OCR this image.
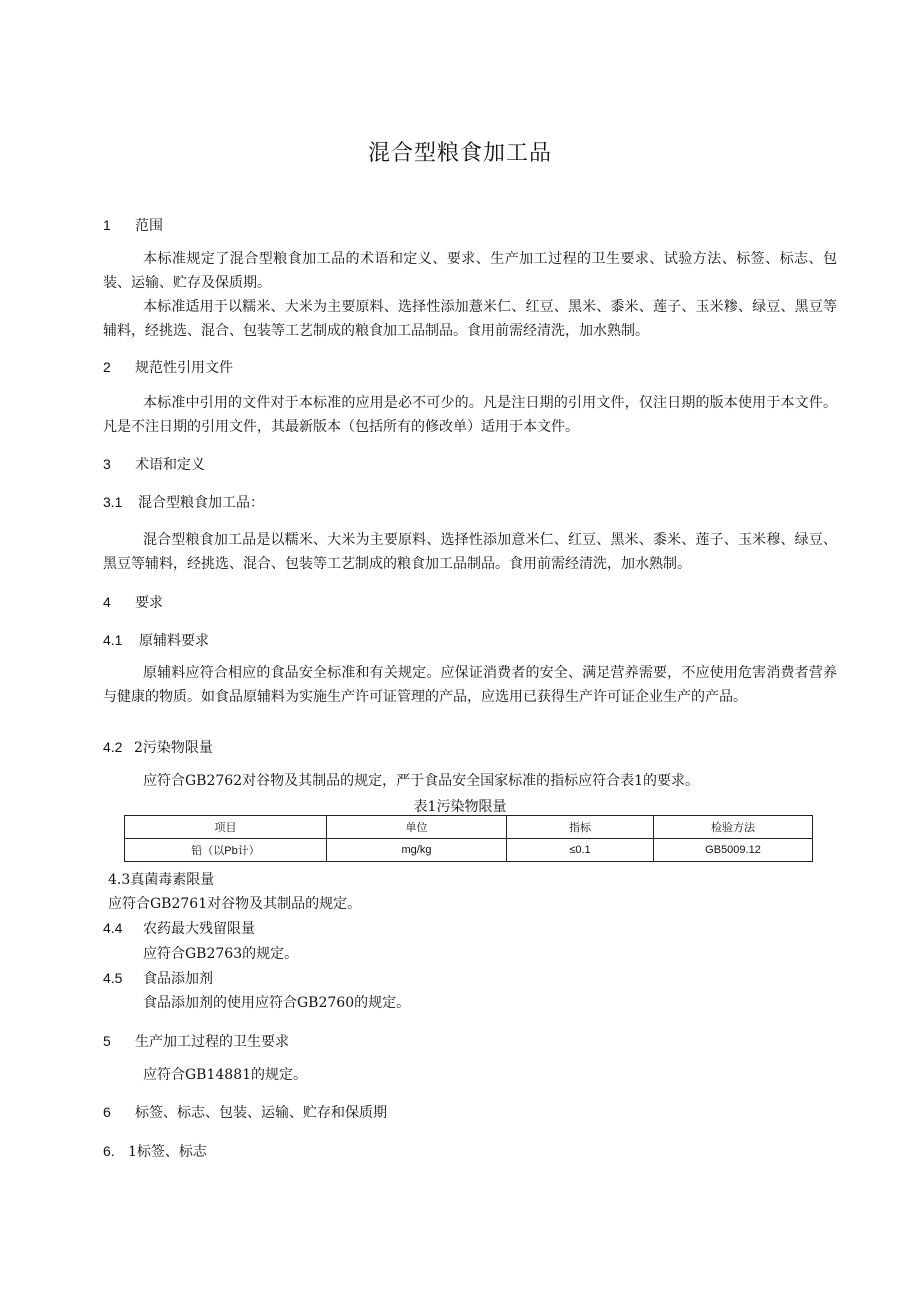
混合型粮食加工品
1 范围
本标准规定了混合型粮食加工品的术语和定义、要求、生产加工过程的卫生要求、试验方法、标签、标志、包装、运输、贮存及保质期。
本标准适用于以糯米、大米为主要原料、选择性添加薏米仁、红豆、黑米、黍米、莲子、玉米糁、绿豆、黑豆等辅料，经挑选、混合、包装等工艺制成的粮食加工品制品。食用前需经清洗，加水熟制。
2 规范性引用文件
本标准中引用的文件对于本标准的应用是必不可少的。凡是注日期的引用文件，仅注日期的版本使用于本文件。凡是不注日期的引用文件，其最新版本（包括所有的修改单）适用于本文件。
3 术语和定义
3.1 混合型粮食加工品：
混合型粮食加工品是以糯米、大米为主要原料、选择性添加意米仁、红豆、黑米、黍米、莲子、玉米穆、绿豆、黑豆等辅料，经挑选、混合、包装等工艺制成的粮食加工品制品。食用前需经清洗，加水熟制。
4 要求
4.1 原辅料要求
原辅料应符合相应的食品安全标准和有关规定。应保证消费者的安全、满足营养需要，不应使用危害消费者营养与健康的物质。如食品原辅料为实施生产许可证管理的产品，应选用已获得生产许可证企业生产的产品。
4.2 2污染物限量
应符合GB2762对谷物及其制品的规定，严于食品安全国家标准的指标应符合表1的要求。
表1污染物限量
项目	单位	指标	检验方法
铅（以Pb计）	mg/kg	≤0.1	GB5009.12
4.3真菌毒素限量
应符合GB2761对谷物及其制品的规定。
4.4 农药最大残留限量
应符合GB2763的规定。
4.5 食品添加剂
食品添加剂的使用应符合GB2760的规定。
5 生产加工过程的卫生要求
应符合GB14881的规定。
6 标签、标志、包装、运输、贮存和保质期
6. 1标签、标志
